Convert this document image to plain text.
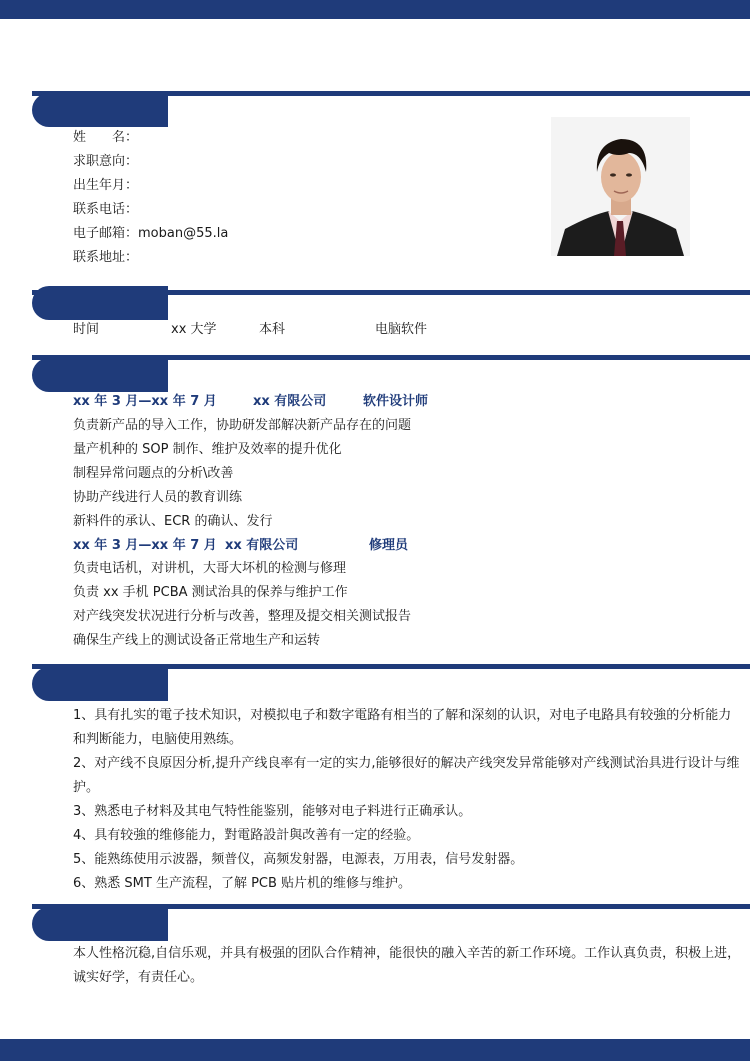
姓　　名：
求职意向：
出生年月：
联系电话：
电子邮箱：moban@55.la
联系地址：
时间	xx 大学	本科	电脑软件
xx 年 3 月—xx 年 7 月	xx 有限公司	软件设计师
负责新产品的导入工作，协助研发部解决新产品存在的问题
量产机种的 SOP 制作、维护及效率的提升优化
制程异常问题点的分析\改善
协助产线进行人员的教育训练
新料件的承认、ECR 的确认、发行
xx 年 3 月—xx 年 7 月 xx 有限公司	修理员
负责电话机，对讲机，大哥大坏机的检测与修理
负责 xx 手机 PCBA 测试治具的保养与维护工作
对产线突发状况进行分析与改善，整理及提交相关测试报告
确保生产线上的测试设备正常地生产和运转
1、具有扎实的電子技术知识，对模拟电子和数字電路有相当的了解和深刻的认识，对电子电路具有较強的分析能力和判断能力，电脑使用熟练。
2、对产线不良原因分析,提升产线良率有一定的实力,能够很好的解决产线突发异常能够对产线测试治具进行设计与维护。
3、熟悉电子材料及其电气特性能鉴别，能够对电子料进行正确承认。
4、具有较強的维修能力，對電路設計與改善有一定的经验。
5、能熟练使用示波器，频普仪，高频发射器，电源表，万用表，信号发射器。
6、熟悉 SMT 生产流程，了解 PCB 贴片机的维修与维护。
本人性格沉稳,自信乐观，并具有极强的团队合作精神，能很快的融入辛苦的新工作环境。工作认真负责，积极上进，诚实好学，有责任心。
